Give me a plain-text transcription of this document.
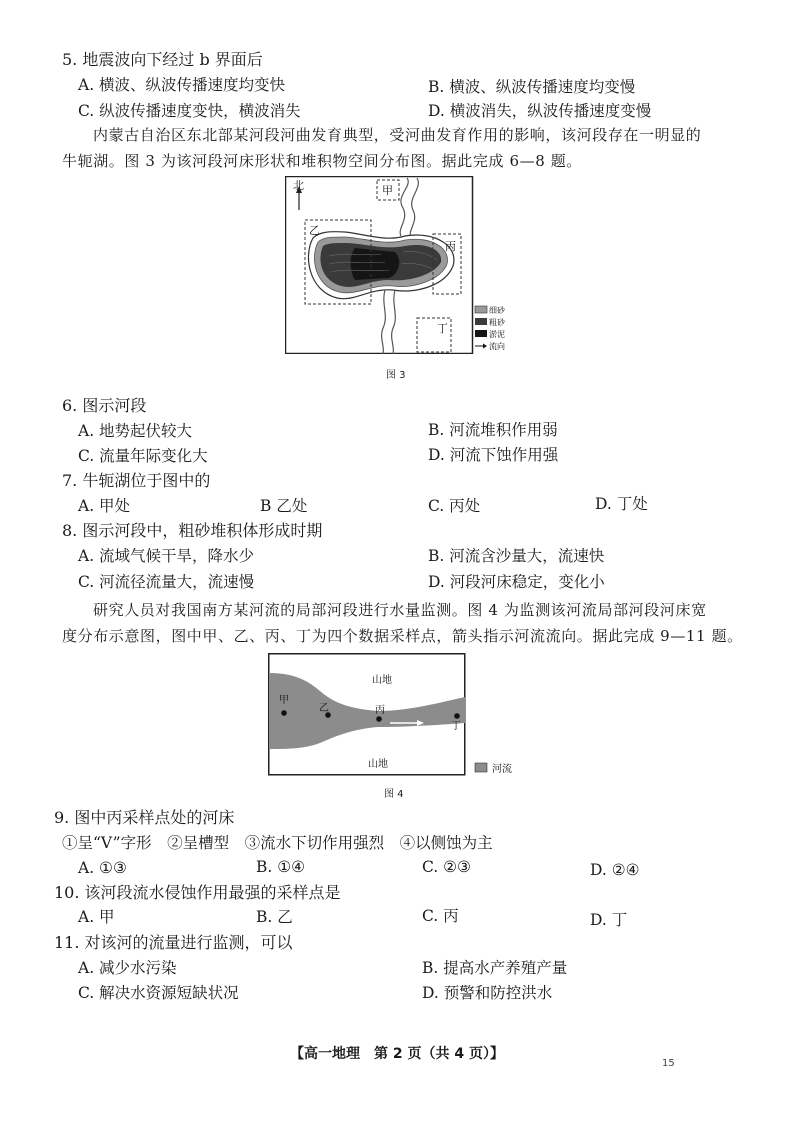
5. 地震波向下经过 b 界面后
A. 横波、纵波传播速度均变快	B. 横波、纵波传播速度均变慢
C. 纵波传播速度变快，横波消失	D. 横波消失，纵波传播速度变慢
内蒙古自治区东北部某河段河曲发育典型，受河曲发育作用的影响，该河段存在一明显的
牛轭湖。图 3 为该河段河床形状和堆积物空间分布图。据此完成 6—8 题。
北	甲
乙
丙
丁
细砂
粗砂
淤泥
流向
图 3
6. 图示河段
A. 地势起伏较大	B. 河流堆积作用弱
C. 流量年际变化大	D. 河流下蚀作用强
7. 牛轭湖位于图中的
A. 甲处	B 乙处	C. 丙处	D. 丁处
8. 图示河段中，粗砂堆积体形成时期
A. 流域气候干旱，降水少	B. 河流含沙量大，流速快
C. 河流径流量大，流速慢	D. 河段河床稳定，变化小
研究人员对我国南方某河流的局部河段进行水量监测。图 4 为监测该河流局部河段河床宽
度分布示意图，图中甲、乙、丙、丁为四个数据采样点，箭头指示河流流向。据此完成 9—11 题。
山地
山地
甲
乙	丙
丁
河流
图 4
9. 图中丙采样点处的河床
①呈“V”字形　②呈槽型　③流水下切作用强烈　④以侧蚀为主
A. ①③	B. ①④	C. ②③	D. ②④
10. 该河段流水侵蚀作用最强的采样点是
A. 甲	B. 乙	C. 丙	D. 丁
11. 对该河的流量进行监测，可以
A. 减少水污染	B. 提高水产养殖产量
C. 解决水资源短缺状况	D. 预警和防控洪水
【高一地理　第 2 页（共 4 页）】
15
